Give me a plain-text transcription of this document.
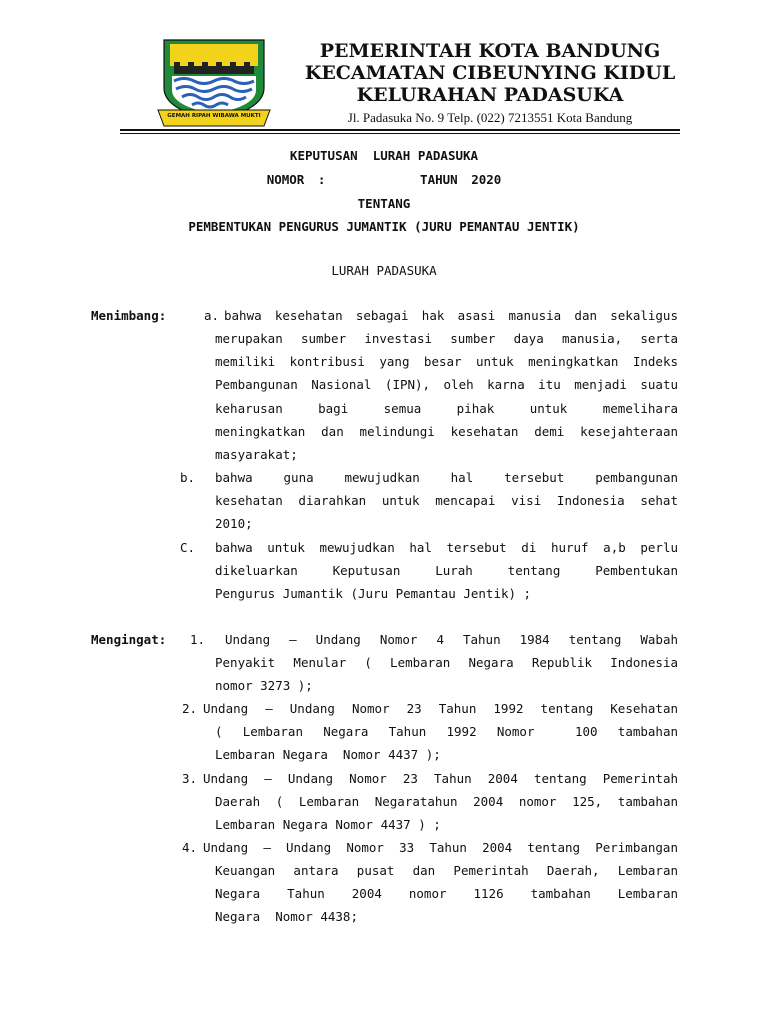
GEMAH RIPAH WIBAWA MUKTI
PEMERINTAH KOTA BANDUNG
KECAMATAN CIBEUNYING KIDUL
KELURAHAN PADASUKA
Jl. Padasuka No. 9 Telp. (022) 7213551 Kota Bandung
KEPUTUSAN  LURAH PADASUKA
NOMOR :       TAHUN 2020
TENTANG
PEMBENTUKAN PENGURUS JUMANTIK (JURU PEMANTAU JENTIK)
LURAH PADASUKA
Menimbang:	a. bahwa kesehatan sebagai hak asasi manusia dan sekaligus
merupakan sumber investasi sumber daya manusia, serta
memiliki kontribusi yang besar untuk meningkatkan Indeks
Pembangunan Nasional (IPN), oleh karna itu menjadi suatu
keharusan bagi semua pihak untuk memelihara
meningkatkan dan melindungi kesehatan demi kesejahteraan
masyarakat;
b. bahwa guna mewujudkan hal tersebut pembangunan
kesehatan diarahkan untuk mencapai visi Indonesia sehat
2010;
C. bahwa untuk mewujudkan hal tersebut di huruf a,b perlu
dikeluarkan Keputusan Lurah tentang Pembentukan
Pengurus Jumantik (Juru Pemantau Jentik) ;
Mengingat: 1. Undang – Undang Nomor 4 Tahun 1984 tentang Wabah
Penyakit Menular ( Lembaran Negara Republik Indonesia
nomor 3273 );
2. Undang – Undang Nomor 23 Tahun 1992 tentang Kesehatan
( Lembaran Negara Tahun 1992 Nomor  100 tambahan
Lembaran Negara  Nomor 4437 );
3. Undang – Undang Nomor 23 Tahun 2004 tentang Pemerintah
Daerah ( Lembaran Negaratahun 2004 nomor 125, tambahan
Lembaran Negara Nomor 4437 ) ;
4. Undang – Undang Nomor 33 Tahun 2004 tentang Perimbangan
Keuangan antara pusat dan Pemerintah Daerah, Lembaran
Negara Tahun 2004 nomor 1126 tambahan Lembaran
Negara  Nomor 4438;
